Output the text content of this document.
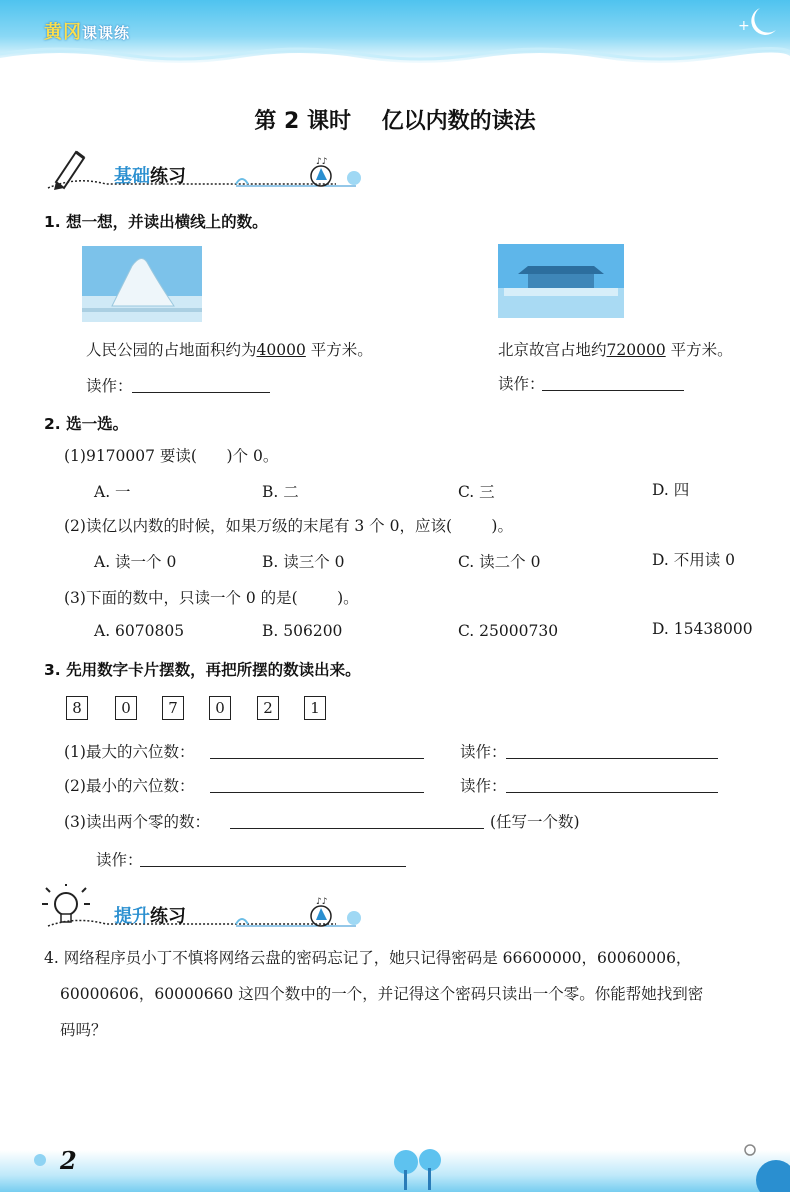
黄冈课课练	+
第 2 课时    亿以内数的读法
♪♪
基础练习
1. 想一想，并读出横线上的数。
人民公园的占地面积约为40000 平方米。
读作：
北京故宫占地约720000 平方米。
读作：
2. 选一选。
(1)9170007 要读(      )个 0。
A. 一	B. 二	C. 三	D. 四
(2)读亿以内数的时候，如果万级的末尾有 3 个 0，应该(        )。
A. 读一个 0	B. 读三个 0	C. 读二个 0	D. 不用读 0
(3)下面的数中，只读一个 0 的是(        )。
A. 6070805	B. 506200	C. 25000730	D. 15438000
3. 先用数字卡片摆数，再把所摆的数读出来。
8	0	7	0	2	1
(1)最大的六位数：	读作：
(2)最小的六位数：	读作：
(3)读出两个零的数：	(任写一个数)
读作：
♪♪
提升练习
4. 网络程序员小丁不慎将网络云盘的密码忘记了，她只记得密码是 66600000，60060006，
60000606，60000660 这四个数中的一个，并记得这个密码只读出一个零。你能帮她找到密
码吗？
2
